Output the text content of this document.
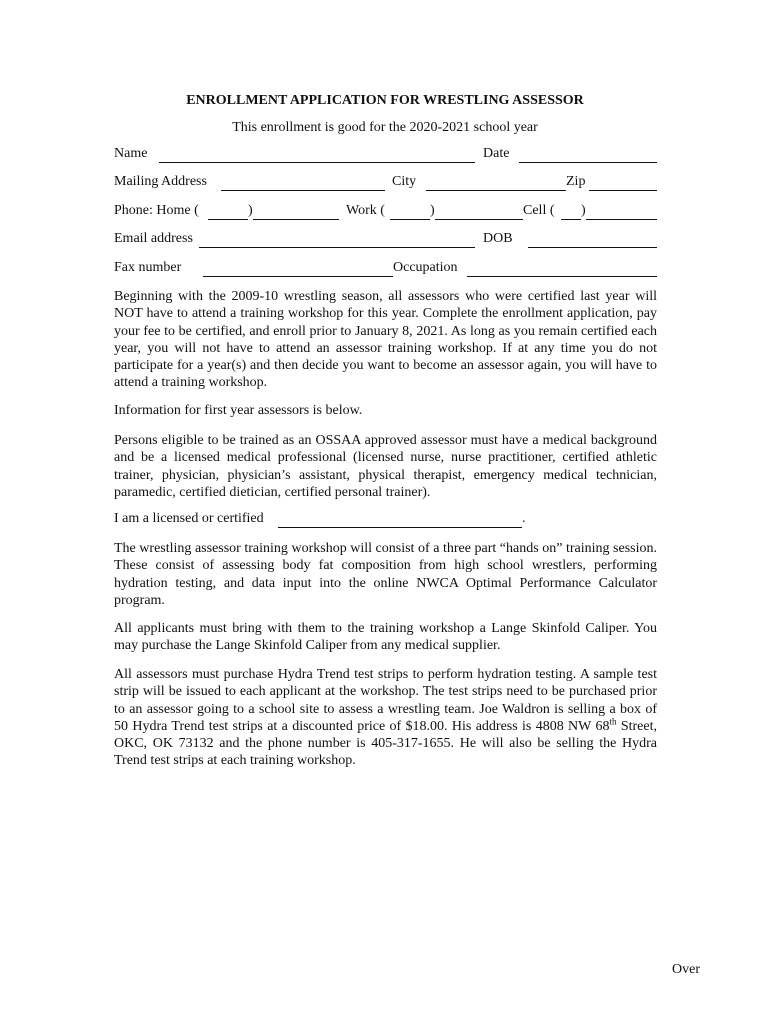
ENROLLMENT APPLICATION FOR WRESTLING ASSESSOR
This enrollment is good for the 2020-2021 school year
Name	Date
Mailing Address	City	Zip
Phone: Home (	)	Work (	)	Cell ( )
Email address	DOB
Fax number	Occupation

Beginning with the 2009-10 wrestling season, all assessors who were certified last year will NOT have to attend a training workshop for this year. Complete the enrollment application, pay your fee to be certified, and enroll prior to January 8, 2021. As long as you remain certified each year, you will not have to attend an assessor training workshop. If at any time you do not participate for a year(s) and then decide you want to become an assessor again, you will have to attend a training workshop.

Information for first year assessors is below.

Persons eligible to be trained as an OSSAA approved assessor must have a medical background and be a licensed medical professional (licensed nurse, nurse practitioner, certified athletic trainer, physician, physician’s assistant, physical therapist, emergency medical technician, paramedic, certified dietician, certified personal trainer).

I am a licensed or certified	.

The wrestling assessor training workshop will consist of a three part “hands on” training session. These consist of assessing body fat composition from high school wrestlers, performing hydration testing, and data input into the online NWCA Optimal Performance Calculator program.

All applicants must bring with them to the training workshop a Lange Skinfold Caliper. You may purchase the Lange Skinfold Caliper from any medical supplier.

All assessors must purchase Hydra Trend test strips to perform hydration testing. A sample test strip will be issued to each applicant at the workshop. The test strips need to be purchased prior to an assessor going to a school site to assess a wrestling team. Joe Waldron is selling a box of 50 Hydra Trend test strips at a discounted price of $18.00. His address is 4808 NW 68th Street, OKC, OK 73132 and the phone number is 405-317-1655. He will also be selling the Hydra Trend test strips at each training workshop.

Over
